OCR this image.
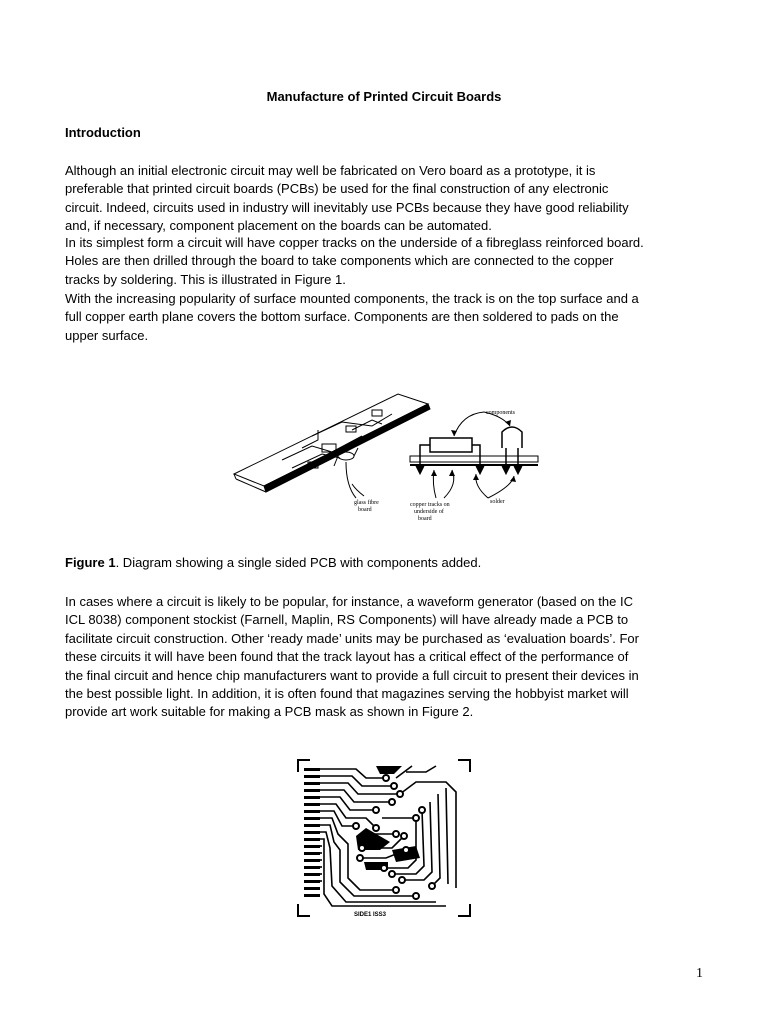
Manufacture of Printed Circuit Boards
Introduction
Although an initial electronic circuit may well be fabricated on Vero board as a prototype, it is
preferable that printed circuit boards (PCBs) be used for the final construction of any electronic
circuit. Indeed, circuits used in industry will inevitably use PCBs because they have good reliability
and, if necessary, component placement on the boards can be automated.
In its simplest form a circuit will have copper tracks on the underside of a fibreglass reinforced board.
Holes are then drilled through the board to take components which are connected to the copper
tracks by soldering. This is illustrated in Figure 1.
With the increasing popularity of surface mounted components, the track is on the top surface and a
full copper earth plane covers the bottom surface. Components are then soldered to pads on the
upper surface.
components
glass fibre
board
copper tracks on
underside of
board
solder
Figure 1. Diagram showing a single sided PCB with components added.
In cases where a circuit is likely to be popular, for instance, a waveform generator (based on the IC
ICL 8038) component stockist (Farnell, Maplin, RS Components) will have already made a PCB to
facilitate circuit construction. Other ‘ready made’ units may be purchased as ‘evaluation boards’. For
these circuits it will have been found that the track layout has a critical effect of the performance of
the final circuit and hence chip manufacturers want to provide a full circuit to present their devices in
the best possible light. In addition, it is often found that magazines serving the hobbyist market will
provide art work suitable for making a PCB mask as shown in Figure 2.
SIDE1 ISS3
1
